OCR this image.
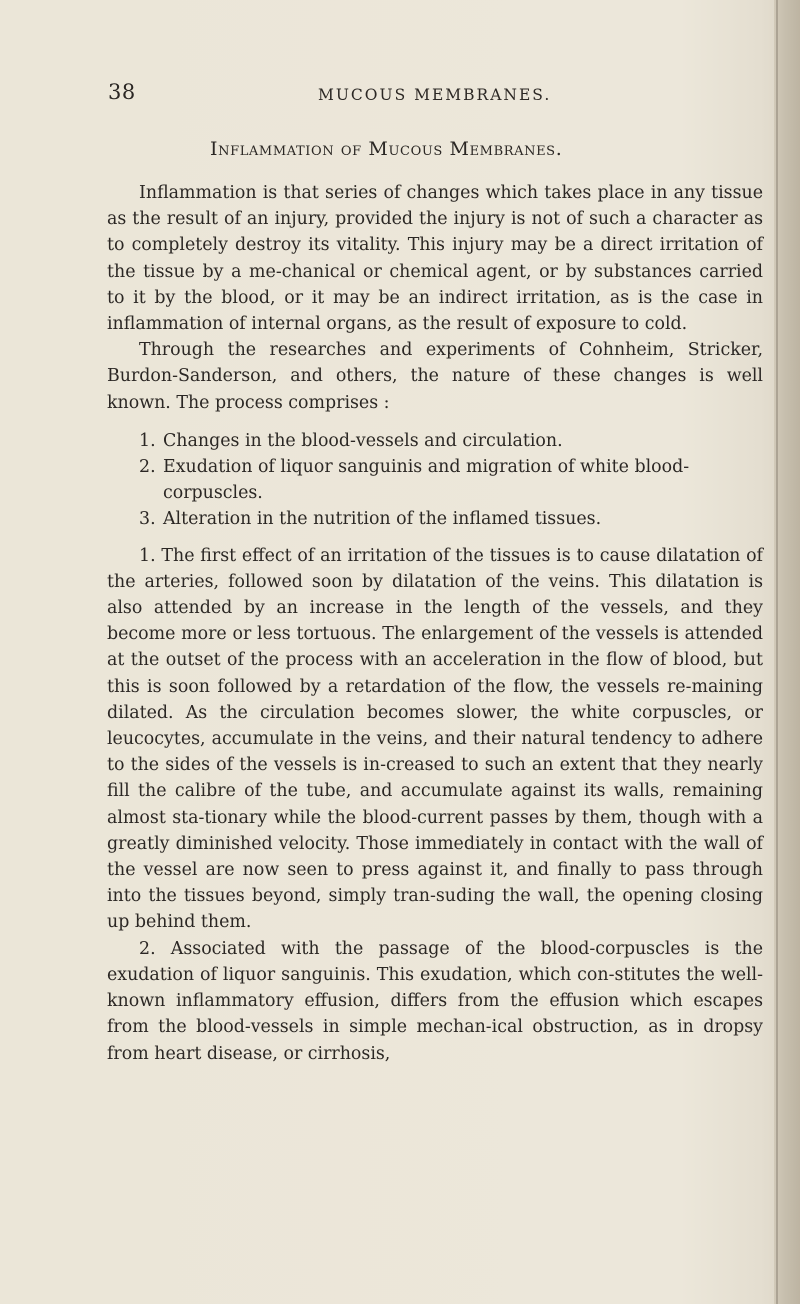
38	MUCOUS MEMBRANES.
Inflammation of Mucous Membranes.

Inflammation is that series of changes which takes place in any tissue as the result of an injury, provided the injury is not of such a character as to completely destroy its vitality. This injury may be a direct irritation of the tissue by a me-chanical or chemical agent, or by substances carried to it by the blood, or it may be an indirect irritation, as is the case in inflammation of internal organs, as the result of exposure to cold.

Through the researches and experiments of Cohnheim, Stricker, Burdon-Sanderson, and others, the nature of these changes is well known. The process comprises :

1. Changes in the blood-vessels and circulation.
2. Exudation of liquor sanguinis and migration of white blood-corpuscles.
3. Alteration in the nutrition of the inflamed tissues.

1. The first effect of an irritation of the tissues is to cause dilatation of the arteries, followed soon by dilatation of the veins. This dilatation is also attended by an increase in the length of the vessels, and they become more or less tortuous. The enlargement of the vessels is attended at the outset of the process with an acceleration in the flow of blood, but this is soon followed by a retardation of the flow, the vessels re-maining dilated. As the circulation becomes slower, the white corpuscles, or leucocytes, accumulate in the veins, and their natural tendency to adhere to the sides of the vessels is in-creased to such an extent that they nearly fill the calibre of the tube, and accumulate against its walls, remaining almost sta-tionary while the blood-current passes by them, though with a greatly diminished velocity. Those immediately in contact with the wall of the vessel are now seen to press against it, and finally to pass through into the tissues beyond, simply tran-suding the wall, the opening closing up behind them.

2. Associated with the passage of the blood-corpuscles is the exudation of liquor sanguinis. This exudation, which con-stitutes the well-known inflammatory effusion, differs from the effusion which escapes from the blood-vessels in simple mechan-ical obstruction, as in dropsy from heart disease, or cirrhosis,
